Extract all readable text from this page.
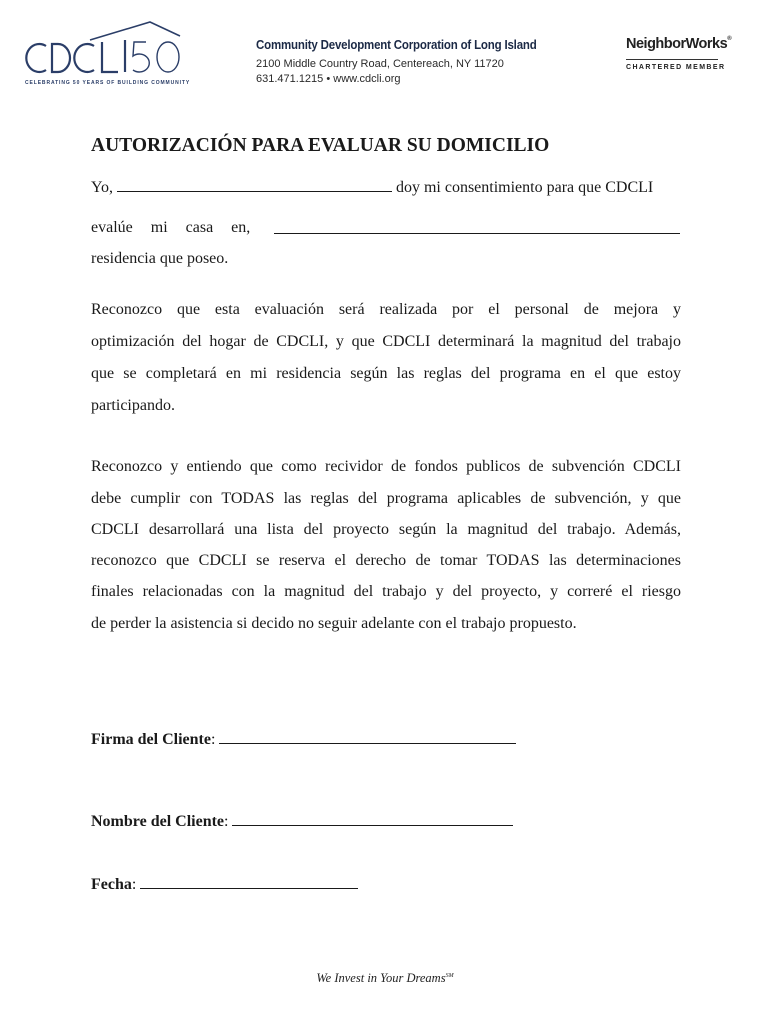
CELEBRATING 50 YEARS OF BUILDING COMMUNITY
Community Development Corporation of Long Island
2100 Middle Country Road, Centereach, NY 11720
631.471.1215 • www.cdcli.org
NeighborWorks®
CHARTERED MEMBER
AUTORIZACIÓN PARA EVALUAR SU DOMICILIO
Yo,	doy mi consentimiento para que CDCLI
evalúe mi casa en,
residencia que poseo.
Reconozco que esta evaluación será realizada por el personal de mejora y
optimización del hogar de CDCLI, y que CDCLI determinará la magnitud del trabajo
que se completará en mi residencia según las reglas del programa en el que estoy
participando.
Reconozco y entiendo que como recividor de fondos publicos de subvención CDCLI
debe cumplir con TODAS las reglas del programa aplicables de subvención, y que
CDCLI desarrollará una lista del proyecto según la magnitud del trabajo. Además,
reconozco que CDCLI se reserva el derecho de tomar TODAS las determinaciones
finales relacionadas con la magnitud del trabajo y del proyecto, y correré el riesgo
de perder la asistencia si decido no seguir adelante con el trabajo propuesto.
Firma del Cliente:
Nombre del Cliente:
Fecha:
We Invest in Your Dreams℠
